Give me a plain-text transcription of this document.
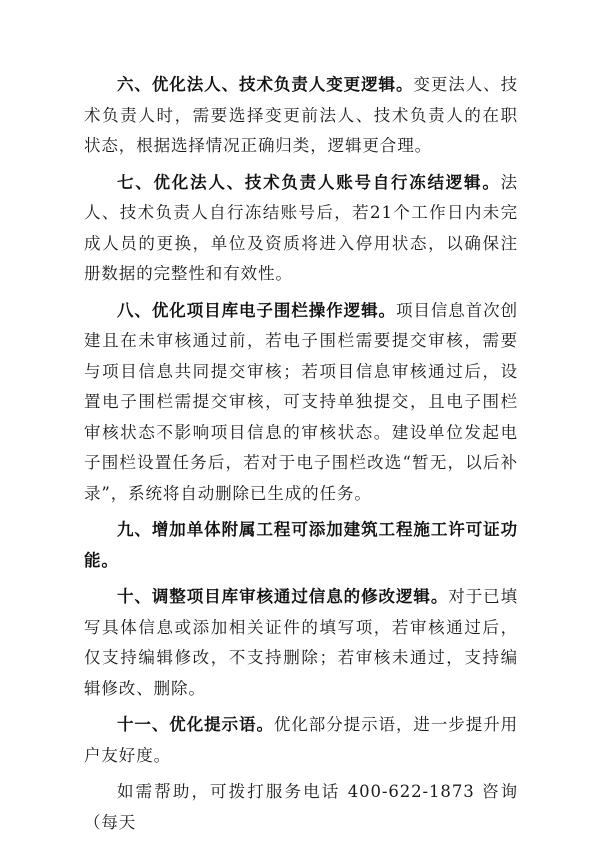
六、优化法人、技术负责人变更逻辑。变更法人、技术负责人时，需要选择变更前法人、技术负责人的在职状态，根据选择情况正确归类，逻辑更合理。

七、优化法人、技术负责人账号自行冻结逻辑。法人、技术负责人自行冻结账号后，若21个工作日内未完成人员的更换，单位及资质将进入停用状态，以确保注册数据的完整性和有效性。

八、优化项目库电子围栏操作逻辑。项目信息首次创建且在未审核通过前，若电子围栏需要提交审核，需要与项目信息共同提交审核；若项目信息审核通过后，设置电子围栏需提交审核，可支持单独提交，且电子围栏审核状态不影响项目信息的审核状态。建设单位发起电子围栏设置任务后，若对于电子围栏改选“暂无，以后补录”，系统将自动删除已生成的任务。

九、增加单体附属工程可添加建筑工程施工许可证功能。

十、调整项目库审核通过信息的修改逻辑。对于已填写具体信息或添加相关证件的填写项，若审核通过后，仅支持编辑修改，不支持删除；若审核未通过，支持编辑修改、删除。

十一、优化提示语。优化部分提示语，进一步提升用户友好度。

如需帮助，可拨打服务电话 400-622-1873 咨询（每天
